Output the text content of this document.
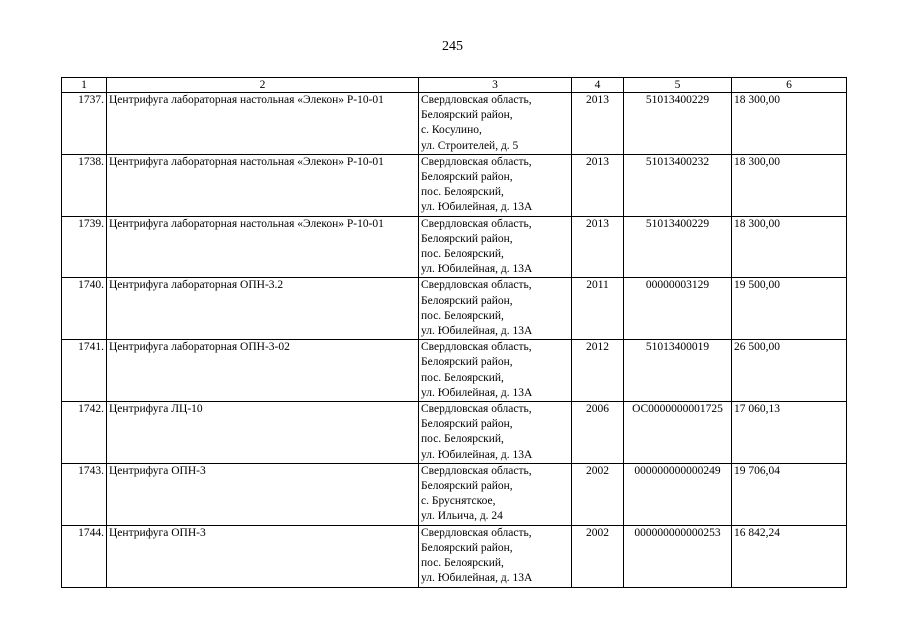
245
1	2	3	4	5	6
1737.	Центрифуга лабораторная настольная «Элекон» Р-10-01	Свердловская область,
Белоярский район,
с. Косулино,
ул. Строителей, д. 5	2013	51013400229	18 300,00
1738.	Центрифуга лабораторная настольная «Элекон» Р-10-01	Свердловская область,
Белоярский район,
пос. Белоярский,
ул. Юбилейная, д. 13А	2013	51013400232	18 300,00
1739.	Центрифуга лабораторная настольная «Элекон» Р-10-01	Свердловская область,
Белоярский район,
пос. Белоярский,
ул. Юбилейная, д. 13А	2013	51013400229	18 300,00
1740.	Центрифуга лабораторная ОПН-3.2	Свердловская область,
Белоярский район,
пос. Белоярский,
ул. Юбилейная, д. 13А	2011	00000003129	19 500,00
1741.	Центрифуга лабораторная ОПН-3-02	Свердловская область,
Белоярский район,
пос. Белоярский,
ул. Юбилейная, д. 13А	2012	51013400019	26 500,00
1742.	Центрифуга ЛЦ-10	Свердловская область,
Белоярский район,
пос. Белоярский,
ул. Юбилейная, д. 13А	2006	ОС0000000001725	17 060,13
1743.	Центрифуга ОПН-3	Свердловская область,
Белоярский район,
с. Бруснятское,
ул. Ильича, д. 24	2002	000000000000249	19 706,04
1744.	Центрифуга ОПН-3	Свердловская область,
Белоярский район,
пос. Белоярский,
ул. Юбилейная, д. 13А	2002	000000000000253	16 842,24
